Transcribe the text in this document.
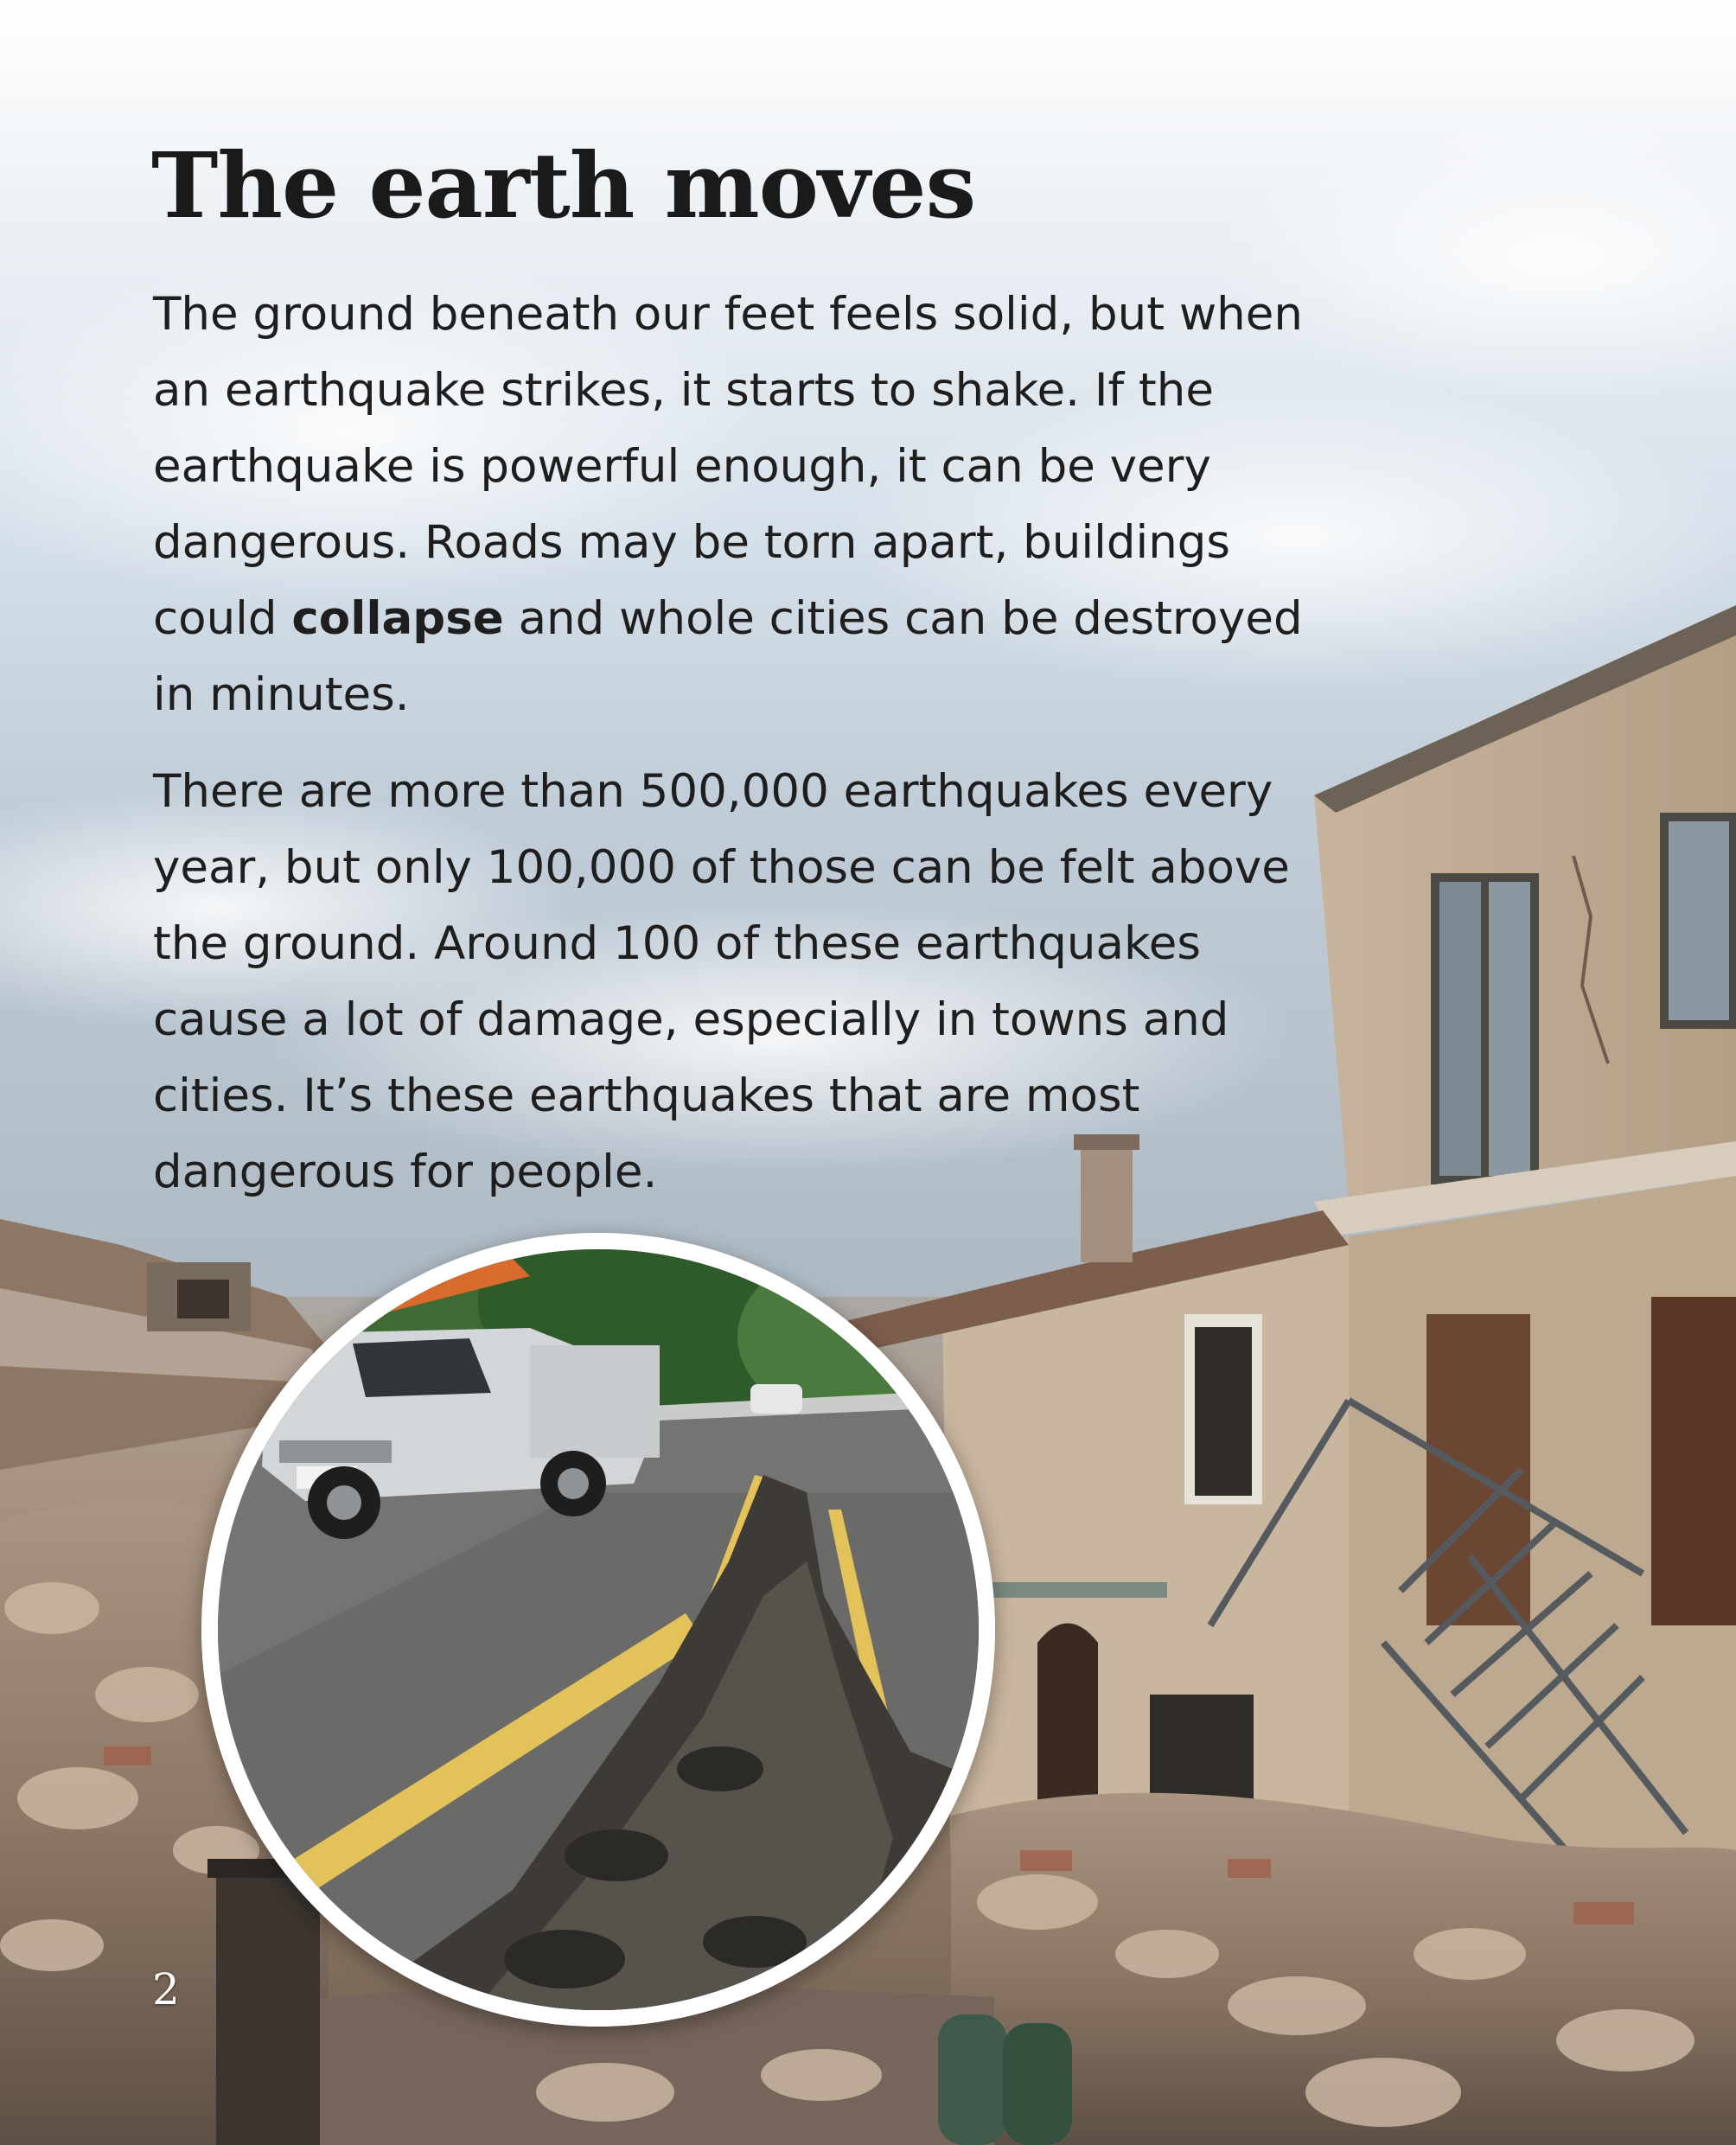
The earth moves

The ground beneath our feet feels solid, but when an earthquake strikes, it starts to shake. If the earthquake is powerful enough, it can be very dangerous. Roads may be torn apart, buildings could collapse and whole cities can be destroyed in minutes.

There are more than 500,000 earthquakes every year, but only 100,000 of those can be felt above the ground. Around 100 of these earthquakes cause a lot of damage, especially in towns and cities. It’s these earthquakes that are most dangerous for people.

2
